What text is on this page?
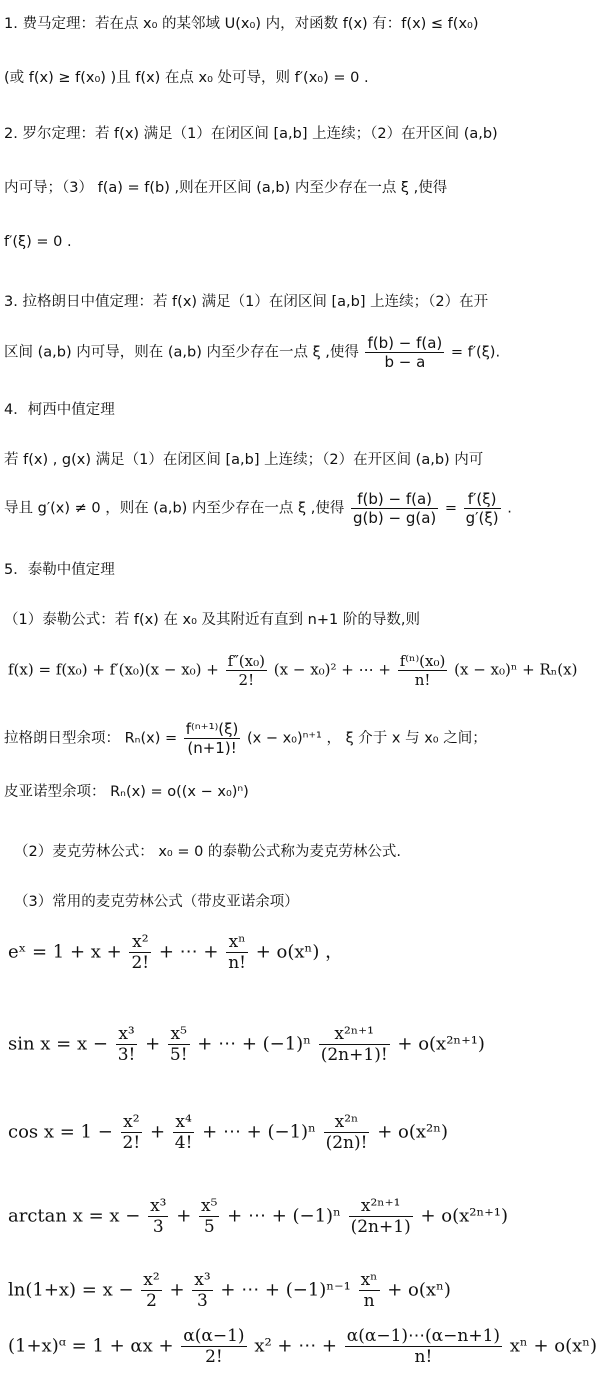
1. 费马定理：若在点 x₀ 的某邻域 U(x₀) 内，对函数 f(x) 有：f(x) ≤ f(x₀)
(或 f(x) ≥ f(x₀) )且 f(x) 在点 x₀ 处可导，则 f′(x₀) = 0 .
2. 罗尔定理：若 f(x) 满足（1）在闭区间 [a,b] 上连续；（2）在开区间 (a,b)
内可导；（3） f(a) = f(b) ,则在开区间 (a,b) 内至少存在一点 ξ ,使得
f′(ξ) = 0 .
3. 拉格朗日中值定理：若 f(x) 满足（1）在闭区间 [a,b] 上连续；（2）在开
区间 (a,b) 内可导，则在 (a,b) 内至少存在一点 ξ ,使得 $\frac{f(b) - f(a)}{b - a} = f'(\xi)$.
4．柯西中值定理
若 f(x) , g(x) 满足（1）在闭区间 [a,b] 上连续；（2）在开区间 (a,b) 内可
导且 g′(x) ≠ 0 ，则在 (a,b) 内至少存在一点 ξ ,使得 $\frac{f(b) - f(a)}{g(b) - g(a)} = \frac{f'(\xi)}{g'(\xi)}$ .
5．泰勒中值定理
（1）泰勒公式：若 f(x) 在 x₀ 及其附近有直到 n+1 阶的导数,则
$f(x) = f(x_0) + f'(x_0)(x - x_0) + \frac{\text{f″(x₀)}}{2!} (x - x_0)^2$ + ⋯ + $\frac{\text{f⁽ⁿ⁾(x₀)}}{n!} (x - x_0)^n + R_n(x)$
拉格朗日型余项： $R_n(x) = \frac{\text{f⁽ⁿ⁺¹⁾(ξ)}}{(n+1)!} (x - x_0)^{n+1}$ ， ξ 介于 x 与 x₀ 之间；
皮亚诺型余项： Rₙ(x) = o((x − x₀)ⁿ)
（2）麦克劳林公式： x₀ = 0 的泰勒公式称为麦克劳林公式.
（3）常用的麦克劳林公式（带皮亚诺余项）
eˣ = $1 + x + \frac{\text{x²}}{2!}$ + ⋯ + $\frac{\text{xⁿ}}{n!} + o(x^n)$ ，
$\sin x = x - \frac{\text{x³}}{3!} + \frac{\text{x⁵}}{5!}$ + ⋯ + $(-1)^n \frac{\text{x²ⁿ⁺¹}}{(2n+1)!} + o(x^{2n+1})$
$\cos x = 1 - \frac{\text{x²}}{2!} + \frac{\text{x⁴}}{4!}$ + ⋯ + $(-1)^n \frac{\text{x²ⁿ}}{(2n)!} + o(x^{2n})$
$\arctan x = x - \frac{\text{x³}}{3} + \frac{\text{x⁵}}{5}$ + ⋯ + $(-1)^n \frac{\text{x²ⁿ⁺¹}}{(2n+1)} + o(x^{2n+1})$
$\ln(1+x) = x - \frac{\text{x²}}{2} + \frac{\text{x³}}{3}$ + ⋯ + $(-1)^{n-1} \frac{\text{xⁿ}}{n} + o(x^n)$
(1+x)ᵅ = $1 + \alpha x + \frac{\alpha(\alpha-1)}{2!} x^2$ + ⋯ + $\frac{\alpha(\alpha-1)\cdots(\alpha-n+1)}{n!}$ xⁿ + o(xⁿ)
